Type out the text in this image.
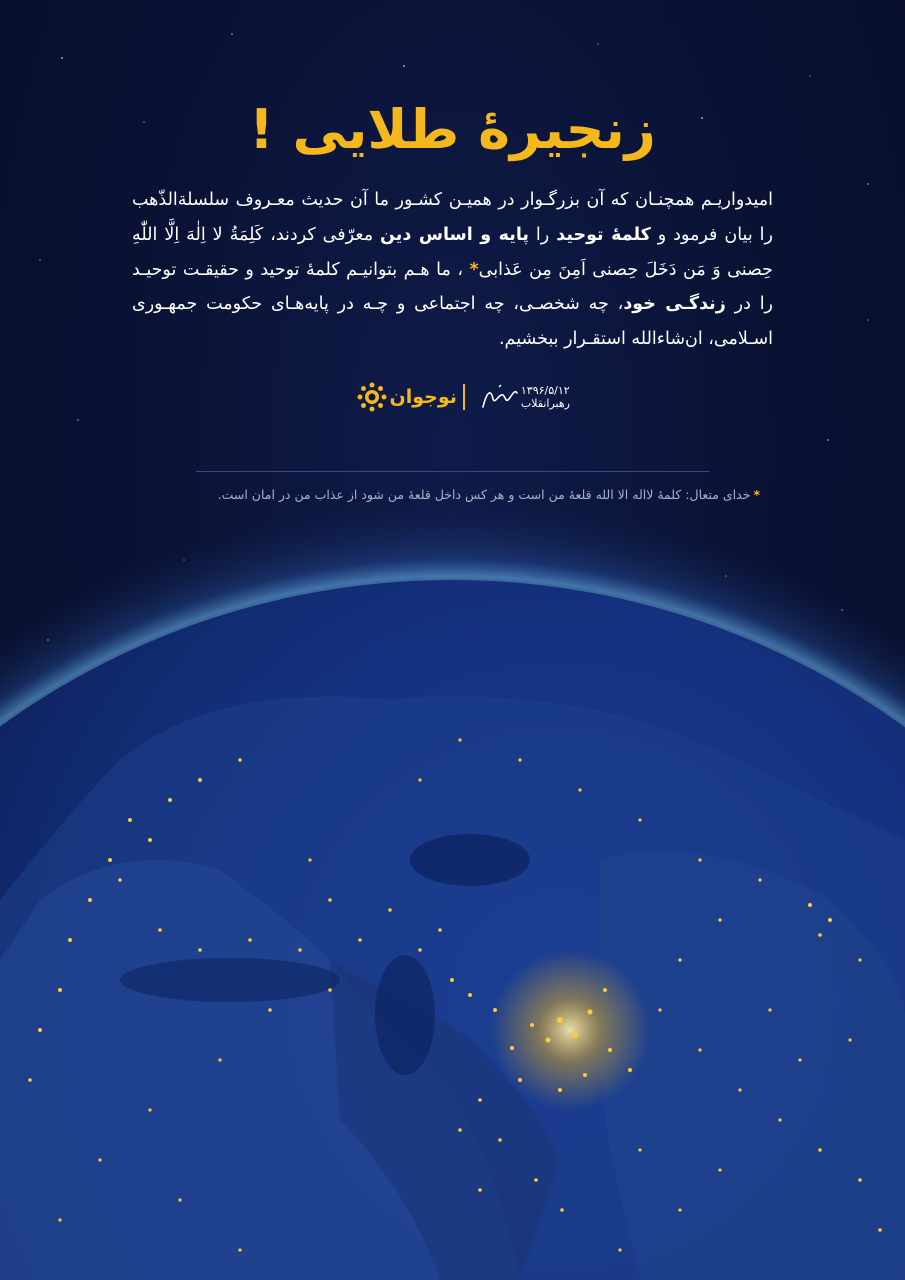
زنجیرهٔ طلایی !

امیدواریـم همچنـان که آن بزرگـوار در همیـن کشـور ما آن حدیث معـروف سلسلة‌الذّهب را بیان فرمود و کلمهٔ توحید را پایه و اساس دین معرّفی کردند، کَلِمَةُ لا اِلٰهَ اِلَّا اللّٰهِ حِصنی وَ مَن دَخَلَ حِصنی اَمِنَ مِن عَذابی* ، ما هـم بتوانیـم کلمهٔ توحید و حقیقـت توحیـد را در زندگـی خود، چه شخصـی، چه اجتماعی و چـه در پایه‌هـای حکومت جمهـوری اسـلامی، ان‌شاءالله استقـرار ببخشیم.

نوجوان	۱۳۹۶/۵/۱۲
رهبرانقلاب

*خدای متعال: کلمهٔ لااله الا الله قلعهٔ من است و هر کس داخل قلعهٔ من شود از عذاب من در امان است.
